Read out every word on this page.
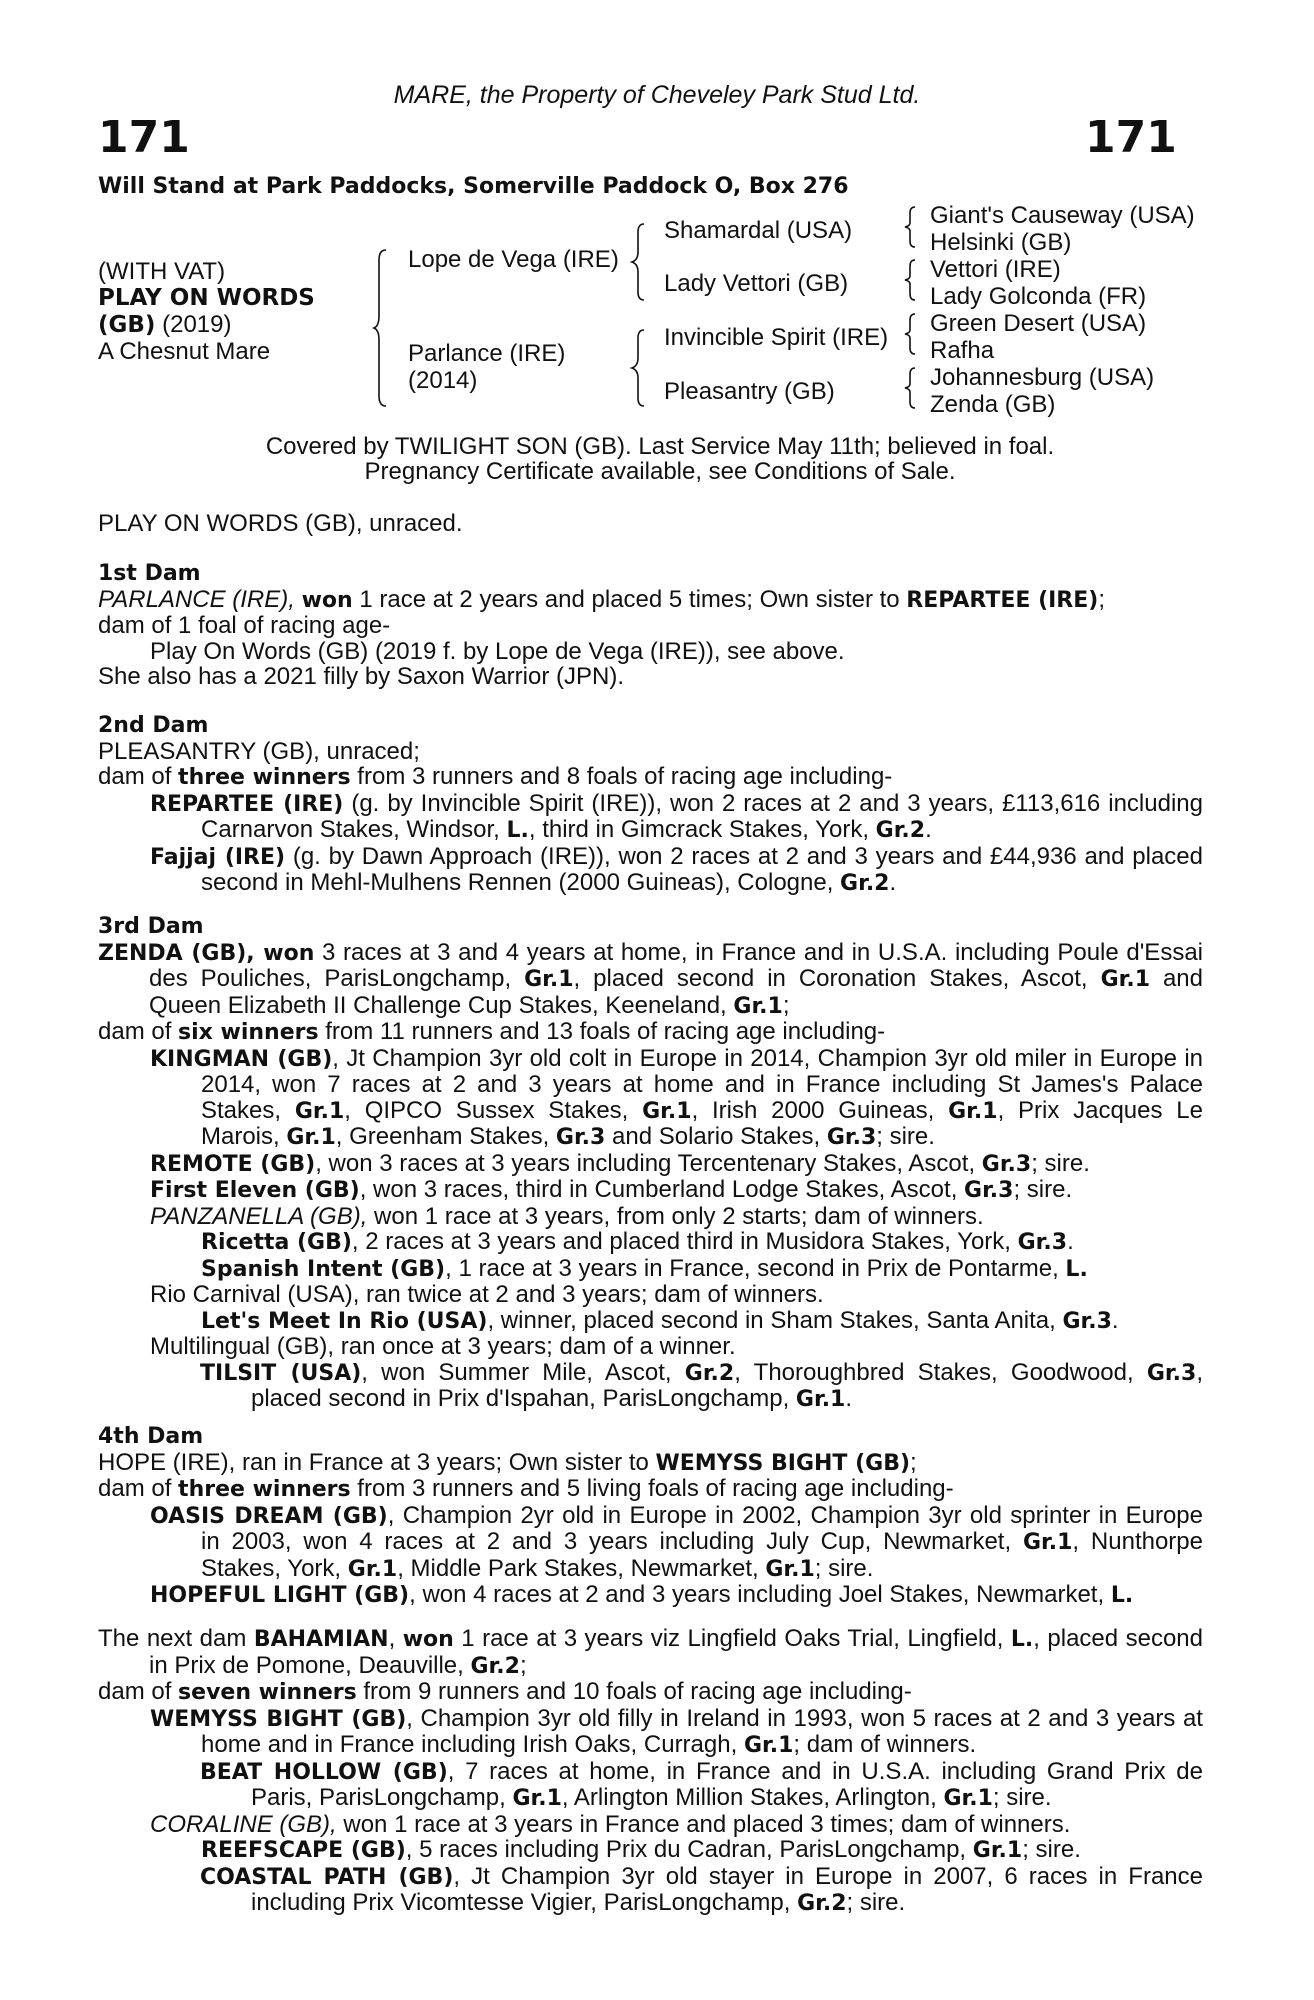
MARE, the Property of Cheveley Park Stud Ltd.
171	171
Will Stand at Park Paddocks, Somerville Paddock O, Box 276
(WITH VAT)
PLAY ON WORDS
(GB) (2019)
A Chesnut Mare
Lope de Vega (IRE)
Parlance (IRE)
(2014)
Shamardal (USA)
Lady Vettori (GB)
Invincible Spirit (IRE)
Pleasantry (GB)
Giant's Causeway (USA)
Helsinki (GB)
Vettori (IRE)
Lady Golconda (FR)
Green Desert (USA)
Rafha
Johannesburg (USA)
Zenda (GB)
Covered by TWILIGHT SON (GB). Last Service May 11th; believed in foal.
Pregnancy Certificate available, see Conditions of Sale.
PLAY ON WORDS (GB), unraced.

1st Dam

PARLANCE (IRE), won 1 race at 2 years and placed 5 times; Own sister to REPARTEE (IRE);

dam of 1 foal of racing age-

Play On Words (GB) (2019 f. by Lope de Vega (IRE)), see above.

She also has a 2021 filly by Saxon Warrior (JPN).

2nd Dam

PLEASANTRY (GB), unraced;

dam of three winners from 3 runners and 8 foals of racing age including-

REPARTEE (IRE) (g. by Invincible Spirit (IRE)), won 2 races at 2 and 3 years, £113,616 including Carnarvon Stakes, Windsor, L., third in Gimcrack Stakes, York, Gr.2.

Fajjaj (IRE) (g. by Dawn Approach (IRE)), won 2 races at 2 and 3 years and £44,936 and placed second in Mehl-Mulhens Rennen (2000 Guineas), Cologne, Gr.2.

3rd Dam

ZENDA (GB), won 3 races at 3 and 4 years at home, in France and in U.S.A. including Poule d'Essai des Pouliches, ParisLongchamp, Gr.1, placed second in Coronation Stakes, Ascot, Gr.1 and Queen Elizabeth II Challenge Cup Stakes, Keeneland, Gr.1;

dam of six winners from 11 runners and 13 foals of racing age including-

KINGMAN (GB), Jt Champion 3yr old colt in Europe in 2014, Champion 3yr old miler in Europe in 2014, won 7 races at 2 and 3 years at home and in France including St James's Palace Stakes, Gr.1, QIPCO Sussex Stakes, Gr.1, Irish 2000 Guineas, Gr.1, Prix Jacques Le Marois, Gr.1, Greenham Stakes, Gr.3 and Solario Stakes, Gr.3; sire.

REMOTE (GB), won 3 races at 3 years including Tercentenary Stakes, Ascot, Gr.3; sire.

First Eleven (GB), won 3 races, third in Cumberland Lodge Stakes, Ascot, Gr.3; sire.

PANZANELLA (GB), won 1 race at 3 years, from only 2 starts; dam of winners.

Ricetta (GB), 2 races at 3 years and placed third in Musidora Stakes, York, Gr.3.

Spanish Intent (GB), 1 race at 3 years in France, second in Prix de Pontarme, L.

Rio Carnival (USA), ran twice at 2 and 3 years; dam of winners.

Let's Meet In Rio (USA), winner, placed second in Sham Stakes, Santa Anita, Gr.3.

Multilingual (GB), ran once at 3 years; dam of a winner.

TILSIT (USA), won Summer Mile, Ascot, Gr.2, Thoroughbred Stakes, Goodwood, Gr.3, placed second in Prix d'Ispahan, ParisLongchamp, Gr.1.

4th Dam

HOPE (IRE), ran in France at 3 years; Own sister to WEMYSS BIGHT (GB);

dam of three winners from 3 runners and 5 living foals of racing age including-

OASIS DREAM (GB), Champion 2yr old in Europe in 2002, Champion 3yr old sprinter in Europe in 2003, won 4 races at 2 and 3 years including July Cup, Newmarket, Gr.1, Nunthorpe Stakes, York, Gr.1, Middle Park Stakes, Newmarket, Gr.1; sire.

HOPEFUL LIGHT (GB), won 4 races at 2 and 3 years including Joel Stakes, Newmarket, L.

The next dam BAHAMIAN, won 1 race at 3 years viz Lingfield Oaks Trial, Lingfield, L., placed second in Prix de Pomone, Deauville, Gr.2;

dam of seven winners from 9 runners and 10 foals of racing age including-

WEMYSS BIGHT (GB), Champion 3yr old filly in Ireland in 1993, won 5 races at 2 and 3 years at home and in France including Irish Oaks, Curragh, Gr.1; dam of winners.

BEAT HOLLOW (GB), 7 races at home, in France and in U.S.A. including Grand Prix de Paris, ParisLongchamp, Gr.1, Arlington Million Stakes, Arlington, Gr.1; sire.

CORALINE (GB), won 1 race at 3 years in France and placed 3 times; dam of winners.

REEFSCAPE (GB), 5 races including Prix du Cadran, ParisLongchamp, Gr.1; sire.

COASTAL PATH (GB), Jt Champion 3yr old stayer in Europe in 2007, 6 races in France including Prix Vicomtesse Vigier, ParisLongchamp, Gr.2; sire.
